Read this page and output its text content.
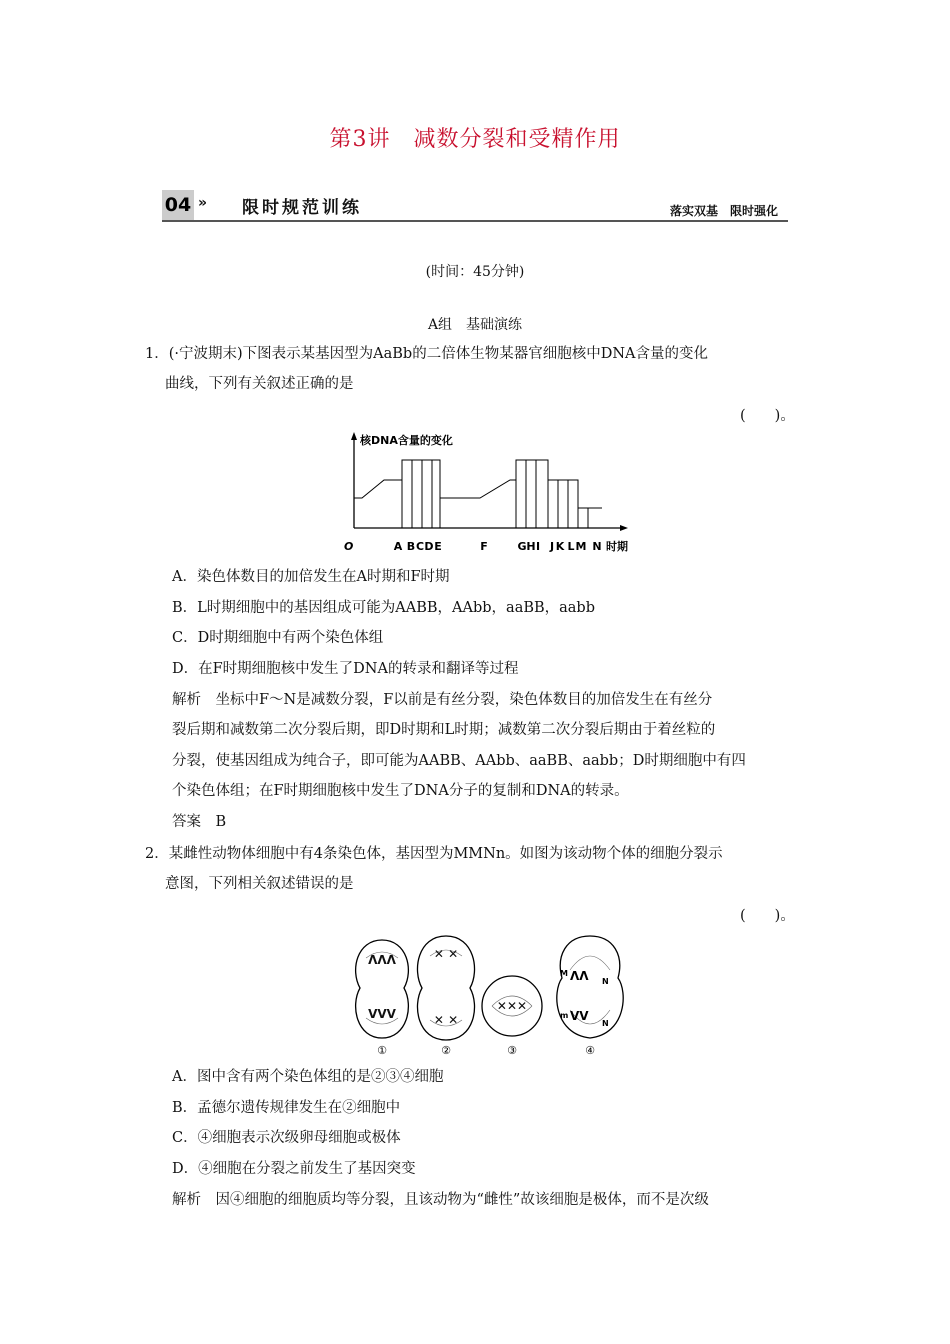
第3讲　减数分裂和受精作用
04 » 限时规范训练	落实双基　限时强化
(时间：45分钟)
A组　基础演练
1．(·宁波期末)下图表示某基因型为AaBb的二倍体生物某器官细胞核中DNA含量的变化
曲线，下列有关叙述正确的是
(　　)。
核DNA含量的变化
O	A B C D E	F	G H I J K L M N 时期
A．染色体数目的加倍发生在A时期和F时期
B．L时期细胞中的基因组成可能为AABB，AAbb，aaBB，aabb
C．D时期细胞中有两个染色体组
D．在F时期细胞核中发生了DNA的转录和翻译等过程
解析　坐标中F～N是减数分裂，F以前是有丝分裂，染色体数目的加倍发生在有丝分
裂后期和减数第二次分裂后期，即D时期和L时期；减数第二次分裂后期由于着丝粒的
分裂，使基因组成为纯合子，即可能为AABB、AAbb、aaBB、aabb；D时期细胞中有四
个染色体组；在F时期细胞核中发生了DNA分子的复制和DNA的转录。
答案　B
2．某雌性动物体细胞中有4条染色体，基因型为MMNn。如图为该动物个体的细胞分裂示
意图，下列相关叙述错误的是
(　　)。
ᐱᐱᐱ
ᐯᐯᐯ
✕ ✕
✕ ✕
✕✕✕
ᐱᐱ
ᐯᐯ
M
N
m
N
①	②	③	④
A．图中含有两个染色体组的是②③④细胞
B．孟德尔遗传规律发生在②细胞中
C．④细胞表示次级卵母细胞或极体
D．④细胞在分裂之前发生了基因突变
解析　因④细胞的细胞质均等分裂，且该动物为“雌性”故该细胞是极体，而不是次级
